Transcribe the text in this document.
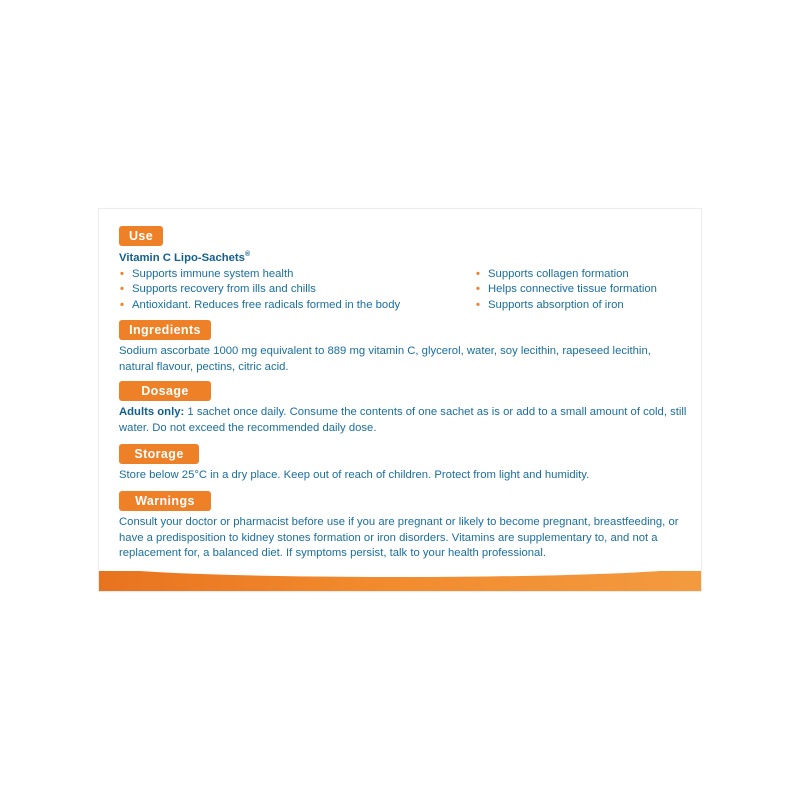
Use
Vitamin C Lipo-Sachets®
• Supports immune system health
• Supports recovery from ills and chills
• Antioxidant. Reduces free radicals formed in the body
• Supports collagen formation
• Helps connective tissue formation
• Supports absorption of iron
Ingredients
Sodium ascorbate 1000 mg equivalent to 889 mg vitamin C, glycerol, water, soy lecithin, rapeseed lecithin, natural flavour, pectins, citric acid.
Dosage
Adults only: 1 sachet once daily. Consume the contents of one sachet as is or add to a small amount of cold, still water. Do not exceed the recommended daily dose.
Storage
Store below 25°C in a dry place. Keep out of reach of children. Protect from light and humidity.
Warnings
Consult your doctor or pharmacist before use if you are pregnant or likely to become pregnant, breastfeeding, or have a predisposition to kidney stones formation or iron disorders. Vitamins are supplementary to, and not a replacement for, a balanced diet. If symptoms persist, talk to your health professional.
